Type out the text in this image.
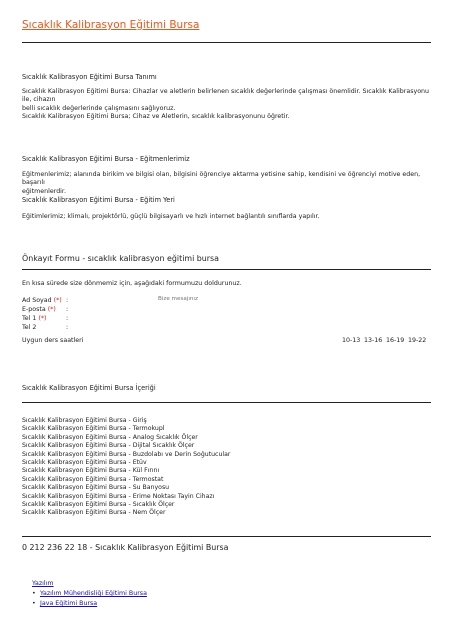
Sıcaklık Kalibrasyon Eğitimi Bursa
Sıcaklık Kalibrasyon Eğitimi Bursa Tanımı
Sıcaklık Kalibrasyon Eğitimi Bursa: Cihazlar ve aletlerin belirlenen sıcaklık değerlerinde çalışması önemlidir. Sıcaklık Kalibrasyonu ile, cihazın
belli sıcaklık değerlerinde çalışmasını sağlıyoruz.
Sıcaklık Kalibrasyon Eğitimi Bursa; Cihaz ve Aletlerin, sıcaklık kalibrasyonunu öğretir.
Sıcaklık Kalibrasyon Eğitimi Bursa - Eğitmenlerimiz
Eğitmenlerimiz; alanında birikim ve bilgisi olan, bilgisini öğrenciye aktarma yetisine sahip, kendisini ve öğrenciyi motive eden, başarılı
eğitmenlerdir.
Sıcaklık Kalibrasyon Eğitimi Bursa - Eğitim Yeri
Eğitimlerimiz; klimalı, projektörlü, güçlü bilgisayarlı ve hızlı internet bağlantılı sınıflarda yapılır.
Önkayıt Formu - sıcaklık kalibrasyon eğitimi bursa
En kısa sürede size dönmemiz için, aşağıdaki formumuzu doldurunuz.
Ad Soyad (*) :
E-posta (*) :
Tel 1 (*)	:
Tel 2	:
Bize mesajınız
Uygun ders saatleri	10-13 13-16 16-19 19-22
Sıcaklık Kalibrasyon Eğitimi Bursa İçeriği
Sıcaklık Kalibrasyon Eğitimi Bursa - Giriş
Sıcaklık Kalibrasyon Eğitimi Bursa - Termokupl
Sıcaklık Kalibrasyon Eğitimi Bursa - Analog Sıcaklık Ölçer
Sıcaklık Kalibrasyon Eğitimi Bursa - Dijital Sıcaklık Ölçer
Sıcaklık Kalibrasyon Eğitimi Bursa - Buzdolabı ve Derin Soğutucular
Sıcaklık Kalibrasyon Eğitimi Bursa - Etüv
Sıcaklık Kalibrasyon Eğitimi Bursa - Kül Fırını
Sıcaklık Kalibrasyon Eğitimi Bursa - Termostat
Sıcaklık Kalibrasyon Eğitimi Bursa - Su Banyosu
Sıcaklık Kalibrasyon Eğitimi Bursa - Erime Noktası Tayin Cihazı
Sıcaklık Kalibrasyon Eğitimi Bursa - Sıcaklık Ölçer
Sıcaklık Kalibrasyon Eğitimi Bursa - Nem Ölçer
0 212 236 22 18 - Sıcaklık Kalibrasyon Eğitimi Bursa
Yazılım
• Yazılım Mühendisliği Eğitimi Bursa
• Java Eğitimi Bursa
